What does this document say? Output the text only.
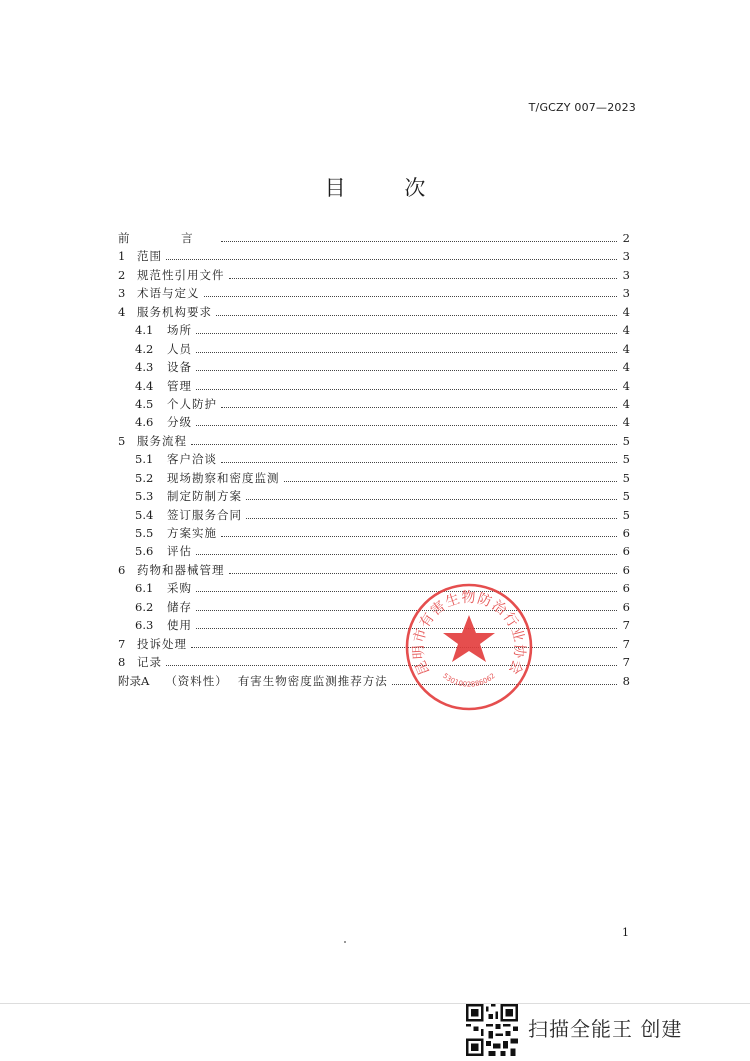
T/GCZY 007—2023
目 次
前 言	2
1	范围	3
2	规范性引用文件	3
3	术语与定义	3
4	服务机构要求	4
4.1	场所	4
4.2	人员	4
4.3	设备	4
4.4	管理	4
4.5	个人防护	4
4.6	分级	4
5	服务流程	5
5.1	客户洽谈	5
5.2	现场勘察和密度监测	5
5.3	制定防制方案	5
5.4	签订服务合同	5
5.5	方案实施	6
5.6	评估	6
6	药物和器械管理	6
6.1	采购	6
6.2	储存	6
6.3	使用	7
7	投诉处理	7
8	记录	7
附录A （资料性） 有害生物密度监测推荐方法	8
昆明市有害生物防治行业协会
5301002886062
1
扫描全能王 创建
